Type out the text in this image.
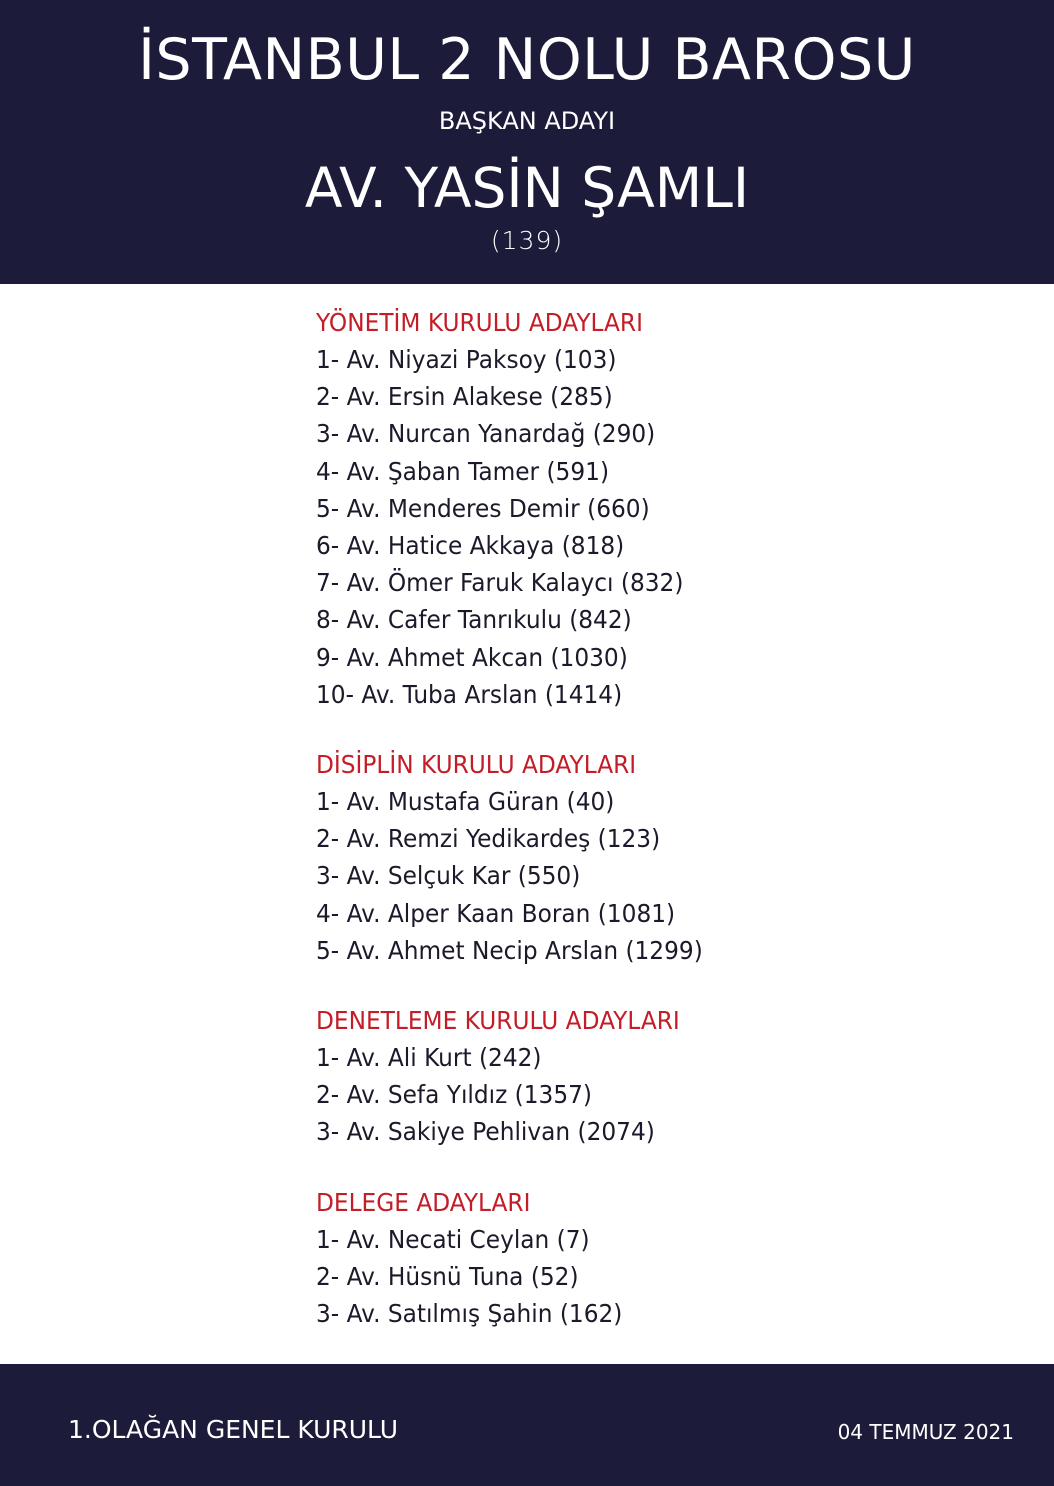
İSTANBUL 2 NOLU BAROSU
BAŞKAN ADAYI
AV. YASİN ŞAMLI
(139)
YÖNETİM KURULU ADAYLARI
1- Av. Niyazi Paksoy (103)
2- Av. Ersin Alakese (285)
3- Av. Nurcan Yanardağ (290)
4- Av. Şaban Tamer (591)
5- Av. Menderes Demir (660)
6- Av. Hatice Akkaya (818)
7- Av. Ömer Faruk Kalaycı (832)
8- Av. Cafer Tanrıkulu (842)
9- Av. Ahmet Akcan (1030)
10- Av. Tuba Arslan (1414)
DİSİPLİN KURULU ADAYLARI
1- Av. Mustafa Güran (40)
2- Av. Remzi Yedikardeş (123)
3- Av. Selçuk Kar (550)
4- Av. Alper Kaan Boran (1081)
5- Av. Ahmet Necip Arslan (1299)
DENETLEME KURULU ADAYLARI
1- Av. Ali Kurt (242)
2- Av. Sefa Yıldız (1357)
3- Av. Sakiye Pehlivan (2074)
DELEGE ADAYLARI
1- Av. Necati Ceylan (7)
2- Av. Hüsnü Tuna (52)
3- Av. Satılmış Şahin (162)
1.OLAĞAN GENEL KURULU	04 TEMMUZ 2021
